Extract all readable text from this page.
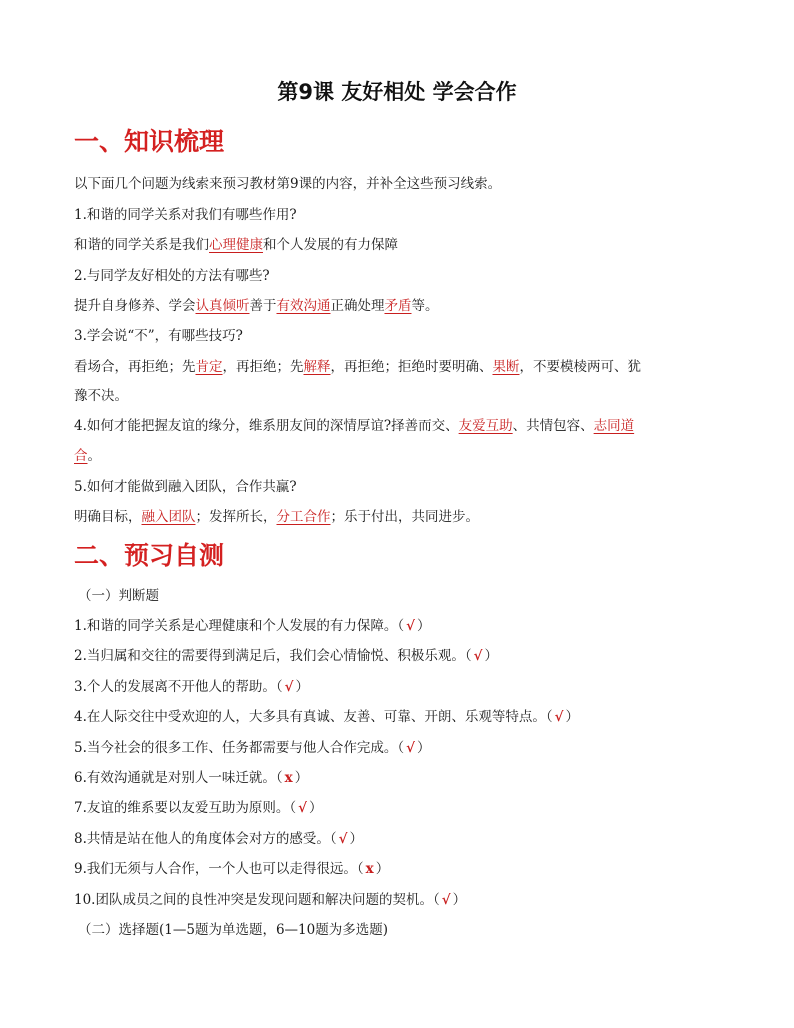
第9课 友好相处 学会合作
一、知识梳理
以下面几个问题为线索来预习教材第9课的内容，并补全这些预习线索。
1.和谐的同学关系对我们有哪些作用?
和谐的同学关系是我们心理健康和个人发展的有力保障
2.与同学友好相处的方法有哪些?
提升自身修养、学会认真倾听善于有效沟通正确处理矛盾等。
3.学会说“不”，有哪些技巧?
看场合，再拒绝；先肯定，再拒绝；先解释，再拒绝；拒绝时要明确、果断，不要模棱两可、犹
豫不决。
4.如何才能把握友谊的缘分，维系朋友间的深情厚谊?择善而交、友爱互助、共情包容、志同道
合。
5.如何才能做到融入团队，合作共赢?
明确目标，融入团队；发挥所长，分工合作；乐于付出，共同进步。
二、预习自测
（一）判断题
1.和谐的同学关系是心理健康和个人发展的有力保障。（ √ ）
2.当归属和交往的需要得到满足后，我们会心情愉悦、积极乐观。（ √ ）
3.个人的发展离不开他人的帮助。（ √ ）
4.在人际交往中受欢迎的人，大多具有真诚、友善、可靠、开朗、乐观等特点。（ √ ）
5.当今社会的很多工作、任务都需要与他人合作完成。（ √ ）
6.有效沟通就是对别人一味迁就。（ x ）
7.友谊的维系要以友爱互助为原则。（ √ ）
8.共情是站在他人的角度体会对方的感受。（ √ ）
9.我们无须与人合作，一个人也可以走得很远。（ x ）
10.团队成员之间的良性冲突是发现问题和解决问题的契机。（ √ ）
（二）选择题(1—5题为单选题，6—10题为多选题)
